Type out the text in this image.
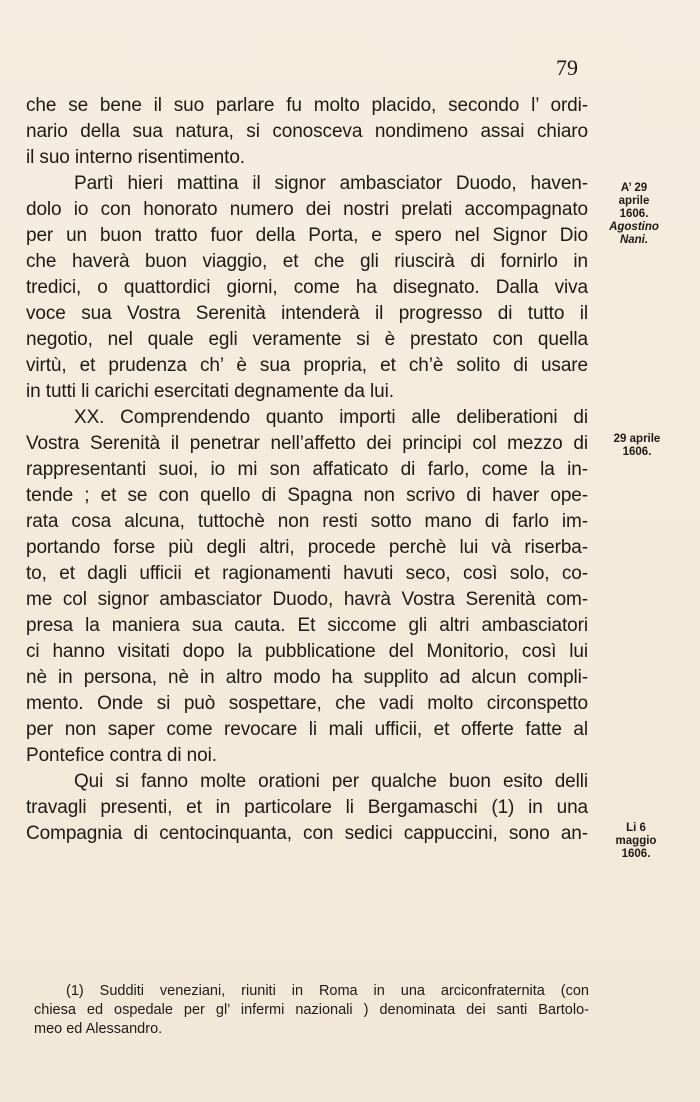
79
che se bene il suo parlare fu molto placido, secondo l’ ordi-
nario della sua natura, si conosceva nondimeno assai chiaro
il suo interno risentimento.
Partì hieri mattina il signor ambasciator Duodo, haven-
dolo io con honorato numero dei nostri prelati accompagnato
per un buon tratto fuor della Porta, e spero nel Signor Dio
che haverà buon viaggio, et che gli riuscirà di fornirlo in
tredici, o quattordici giorni, come ha disegnato. Dalla viva
voce sua Vostra Serenità intenderà il progresso di tutto il
negotio, nel quale egli veramente si è prestato con quella
virtù, et prudenza ch’ è sua propria, et ch’è solito di usare
in tutti li carichi esercitati degnamente da lui.
XX. Comprendendo quanto importi alle deliberationi di
Vostra Serenità il penetrar nell’affetto dei principi col mezzo di
rappresentanti suoi, io mi son affaticato di farlo, come la in-
tende ; et se con quello di Spagna non scrivo di haver ope-
rata cosa alcuna, tuttochè non resti sotto mano di farlo im-
portando forse più degli altri, procede perchè lui và riserba-
to, et dagli ufficii et ragionamenti havuti seco, così solo, co-
me col signor ambasciator Duodo, havrà Vostra Serenità com-
presa la maniera sua cauta. Et siccome gli altri ambasciatori
ci hanno visitati dopo la pubblicatione del Monitorio, così lui
nè in persona, nè in altro modo ha supplito ad alcun compli-
mento. Onde si può sospettare, che vadi molto circonspetto
per non saper come revocare li mali ufficii, et offerte fatte al
Pontefice contra di noi.
Qui si fanno molte orationi per qualche buon esito delli
travagli presenti, et in particolare li Bergamaschi (1) in una
Compagnia di centocinquanta, con sedici cappuccini, sono an-
A’ 29
aprile
1606.
Agostino
Nani.
29 aprile
1606.
Li 6
maggio
1606.
(1) Sudditi veneziani, riuniti in Roma in una arciconfraternita (con
chiesa ed ospedale per gl’ infermi nazionali ) denominata dei santi Bartolo-
meo ed Alessandro.
